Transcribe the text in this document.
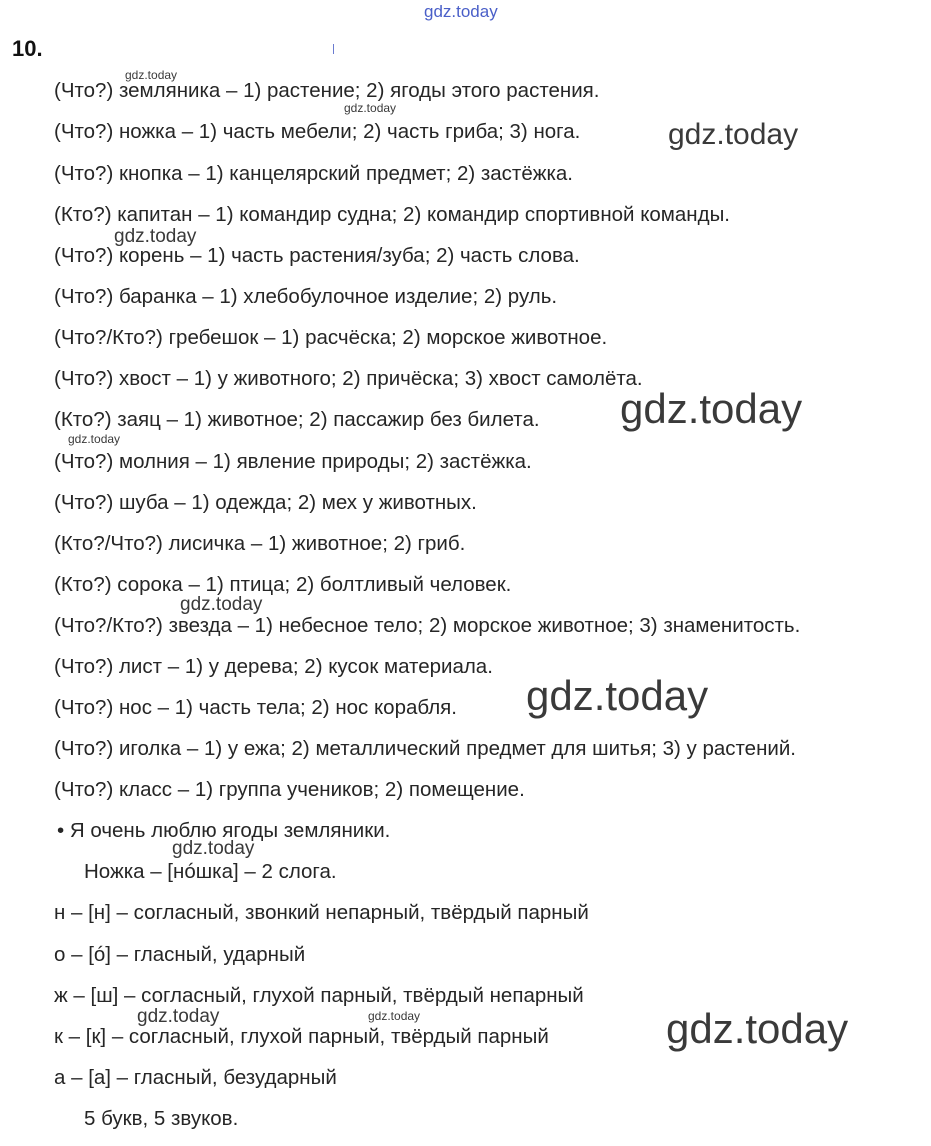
gdz.today
10.
(Что?) земляника – 1) растение; 2) ягоды этого растения.
(Что?) ножка – 1) часть мебели; 2) часть гриба; 3) нога.
(Что?) кнопка – 1) канцелярский предмет; 2) застёжка.
(Кто?) капитан – 1) командир судна; 2) командир спортивной команды.
(Что?) корень – 1) часть растения/зуба; 2) часть слова.
(Что?) баранка – 1) хлебобулочное изделие; 2) руль.
(Что?/Кто?) гребешок – 1) расчёска; 2) морское животное.
(Что?) хвост – 1) у животного; 2) причёска; 3) хвост самолёта.
(Кто?) заяц – 1) животное; 2) пассажир без билета.
(Что?) молния – 1) явление природы; 2) застёжка.
(Что?) шуба – 1) одежда; 2) мех у животных.
(Кто?/Что?) лисичка – 1) животное; 2) гриб.
(Кто?) сорока – 1) птица; 2) болтливый человек.
(Что?/Кто?) звезда – 1) небесное тело; 2) морское животное; 3) знаменитость.
(Что?) лист – 1) у дерева; 2) кусок материала.
(Что?) нос – 1) часть тела; 2) нос корабля.
(Что?) иголка – 1) у ежа; 2) металлический предмет для шитья; 3) у растений.
(Что?) класс – 1) группа учеников; 2) помещение.
• Я очень люблю ягоды земляники.
Ножка – [нóшка] – 2 слога.
н – [н] – согласный, звонкий непарный, твёрдый парный
о – [ó] – гласный, ударный
ж – [ш] – согласный, глухой парный, твёрдый непарный
к – [к] – согласный, глухой парный, твёрдый парный
а – [а] – гласный, безударный
5 букв, 5 звуков.
gdz.today
gdz.today
gdz.today
gdz.today
gdz.today
gdz.today
gdz.today
gdz.today
gdz.today
gdz.today	gdz.today	gdz.today
